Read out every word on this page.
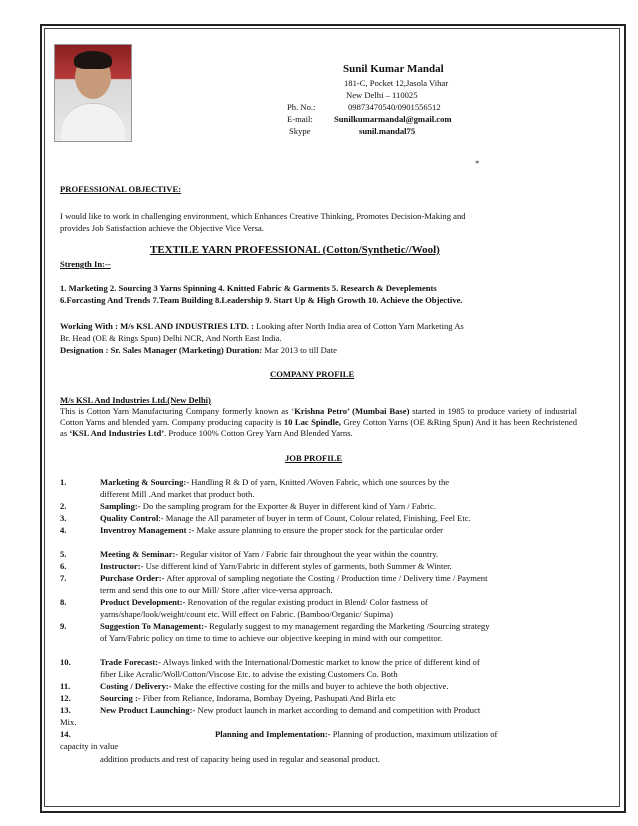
Sunil Kumar Mandal
181-C, Pocket 12,Jasola Vihar
New Delhi – 110025
Ph. No.:	09873470540/0901556512
E-mail: Sunilkumarmandal@gmail.com
Skype	sunil.mandal75
*
PROFESSIONAL OBJECTIVE:
I would like to work in challenging environment, which Enhances Creative Thinking, Promotes Decision-Making and
provides Job Satisfaction achieve the Objective Vice Versa.
TEXTILE YARN PROFESSIONAL (Cotton/Synthetic//Wool)
Strength In:--
1. Marketing 2. Sourcing 3 Yarns Spinning 4. Knitted Fabric & Garments 5. Research & Deveplements
6.Forcasting And Trends 7.Team Building 8.Leadership 9. Start Up & High Growth 10. Achieve the Objective.
Working With : M/s KSL AND INDUSTRIES LTD. : Looking after North India area of Cotton Yarn Marketing As
Br. Head (OE & Rings Spun) Delhi NCR, And North East India.
Designation : Sr. Sales Manager (Marketing) Duration: Mar 2013 to till Date
COMPANY PROFILE
M/s KSL And Industries Ltd.(New Delhi)
This is Cotton Yarn Manufacturing Company formerly known as ‘Krishna Petro’ (Mumbai Base) started in 1985 to produce variety of industrial Cotton Yarns and blended yarn. Company producing capacity is 10 Lac Spindle, Grey Cotton Yarns (OE &Ring Spun) And it has been Rechristened as ‘KSL And Industries Ltd’. Produce 100% Cotton Grey Yarn And Blended Yarns.
JOB PROFILE
1.	Marketing & Sourcing:- Handling R & D of yarn, Knitted /Woven Fabric, which one sources by the
different Mill .And market that product both.
2.	Sampling:- Do the sampling program for the Exporter & Buyer in different kind of Yarn / Fabric.
3.	Quality Control:- Manage the All parameter of buyer in term of Count, Colour related, Finishing, Feel Etc.
4.	Inventroy Management :- Make assure planning to ensure the proper stock for the particular order
5.	Meeting & Seminar:- Regular visitor of Yarn / Fabric fair throughout the year within the country.
6.	Instructor:- Use different kind of Yarn/Fabric in different styles of garments, both Summer & Winter.
7.	Purchase Order:- After approval of sampling negotiate the Costing / Production time / Delivery time / Payment
term and send this one to our Mill/ Store ,after vice-versa approach.
8.	Product Development:- Renovation of the regular existing product in Blend/ Color fastness of
yarns/shape/look/weight/count etc. Will effect on Fabric. (Bamboo/Organic/ Supima)
9.	Suggestion To Management:- Regularly suggest to my management regarding the Marketing /Sourcing strategy
of Yarn/Fabric policy on time to time to achieve our objective keeping in mind with our competitor.
10.	Trade Forecast:- Always linked with the International/Domestic market to know the price of different kind of
fiber Like Acralic/Woll/Cotton/Viscose Etc. to advise the existing Customers Co. Both
11.	Costing / Delivery:- Make the effective costing for the mills and buyer to achieve the both objective.
12.	Sourcing :- Fiber from Reliance, Indorama, Bombay Dyeing, Pashupati And Birla etc
13.	New Product Launching:- New product launch in market according to demand and competition with Product
Mix.
14.	Planning and Implementation:- Planning of production, maximum utilization of
capacity in value
addition products and rest of capacity being used in regular and seasonal product.
